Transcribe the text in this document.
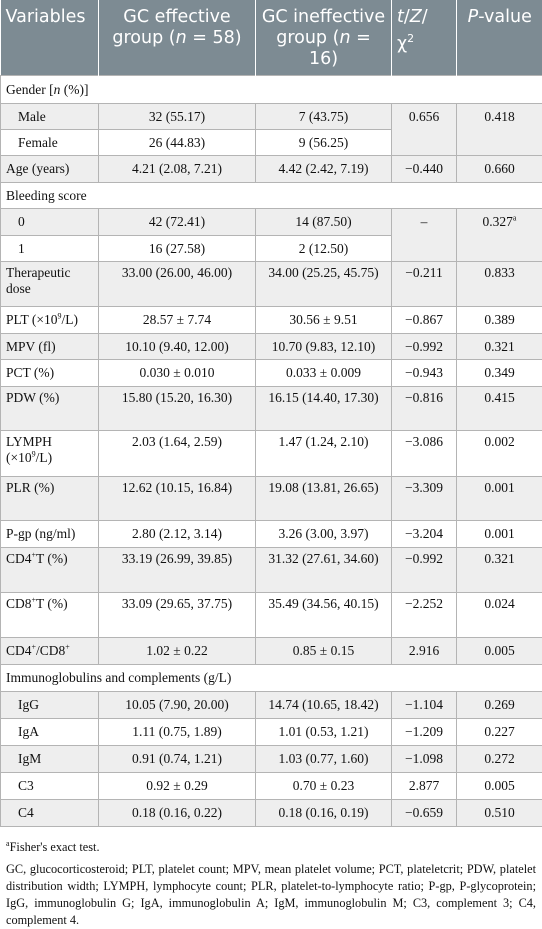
Variables	GC effective group (n = 58)	GC ineffective group (n = 16)	t/Z/
$\chi^2$	P-value
Gender [n (%)]				
Male	32 (55.17)	7 (43.75)	0.656	0.418
Female	26 (44.83)	9 (56.25)		
Age (years)	4.21 (2.08, 7.21)	4.42 (2.42, 7.19)	−0.440	0.660
Bleeding score				
0	42 (72.41)	14 (87.50)	–	0.327$^a$
1	16 (27.58)	2 (12.50)		
Therapeutic dose	33.00 (26.00, 46.00)	34.00 (25.25, 45.75)	−0.211	0.833
PLT $(\times 10^9/L)$	28.57 ± 7.74	30.56 ± 9.51	−0.867	0.389
MPV (fl)	10.10 (9.40, 12.00)	10.70 (9.83, 12.10)	−0.992	0.321
PCT (%)	0.030 ± 0.010	0.033 ± 0.009	−0.943	0.349
PDW (%)	15.80 (15.20, 16.30)	16.15 (14.40, 17.30)	−0.816	0.415
LYMPH
$(\times 10^9/L)$	2.03 (1.64, 2.59)	1.47 (1.24, 2.10)	−3.086	0.002
PLR (%)	12.62 (10.15, 16.84)	19.08 (13.81, 26.65)	−3.309	0.001
P-gp (ng/ml)	2.80 (2.12, 3.14)	3.26 (3.00, 3.97)	−3.204	0.001
CD4+T (%)	33.19 (26.99, 39.85)	31.32 (27.61, 34.60)	−0.992	0.321
CD8+T (%)	33.09 (29.65, 37.75)	35.49 (34.56, 40.15)	−2.252	0.024
CD4+/CD8+	1.02 ± 0.22	0.85 ± 0.15	2.916	0.005
Immunoglobulins and complements (g/L)				
IgG	10.05 (7.90, 20.00)	14.74 (10.65, 18.42)	−1.104	0.269
IgA	1.11 (0.75, 1.89)	1.01 (0.53, 1.21)	−1.209	0.227
IgM	0.91 (0.74, 1.21)	1.03 (0.77, 1.60)	−1.098	0.272
C3	0.92 ± 0.29	0.70 ± 0.23	2.877	0.005
C4	0.18 (0.16, 0.22)	0.18 (0.16, 0.19)	−0.659	0.510

$^a$Fisher's exact test.

GC, glucocorticosteroid; PLT, platelet count; MPV, mean platelet volume; PCT, plateletcrit; PDW, platelet distribution width; LYMPH, lymphocyte count; PLR, platelet-to-lymphocyte ratio; P-gp, P-glycoprotein; IgG, immunoglobulin G; IgA, immunoglobulin A; IgM, immunoglobulin M; C3, complement 3; C4, complement 4.
